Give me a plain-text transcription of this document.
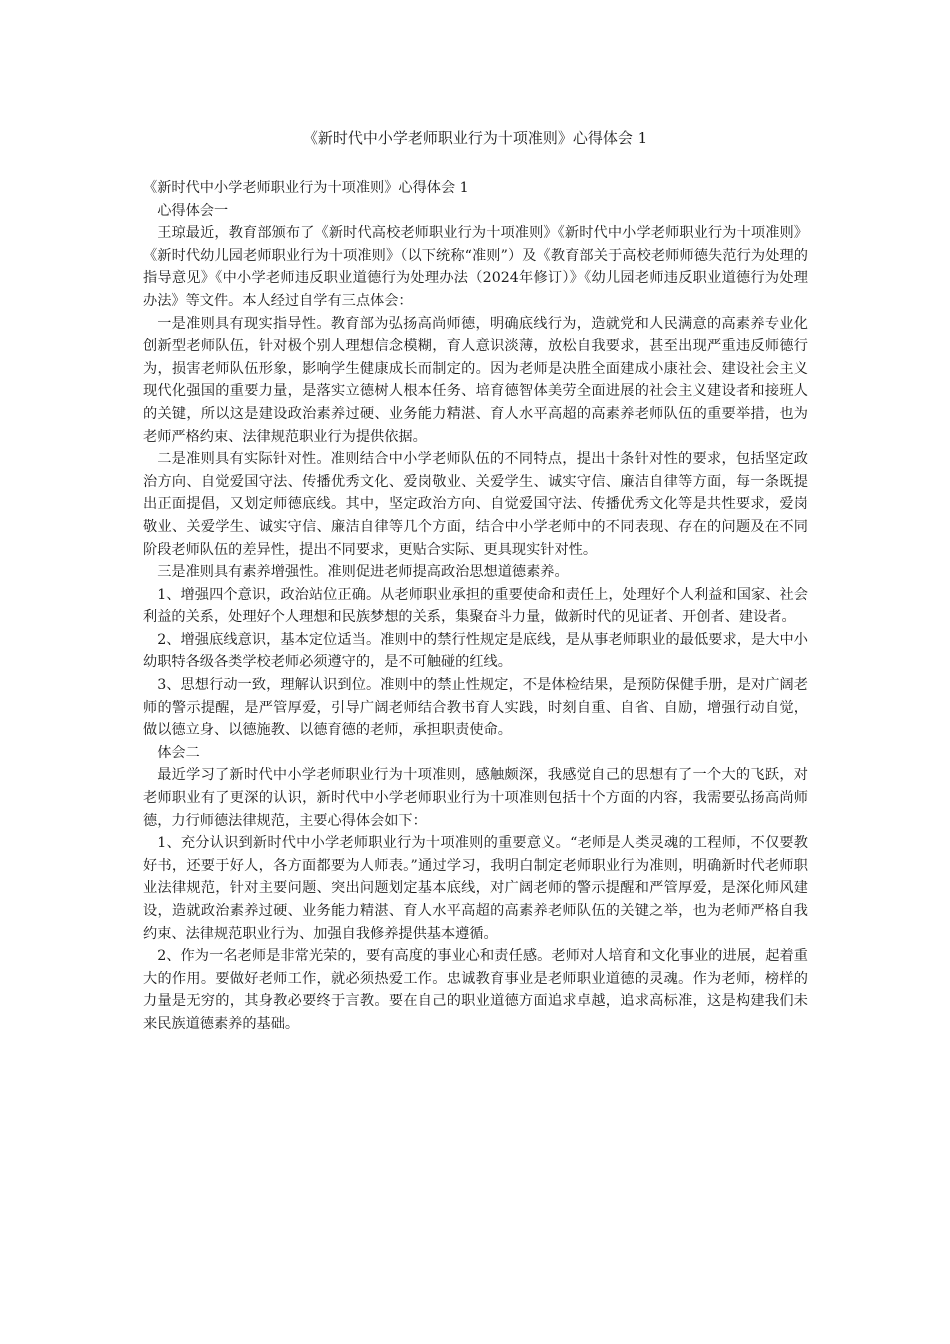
《新时代中小学老师职业行为十项准则》心得体会 1

《新时代中小学老师职业行为十项准则》心得体会 1

心得体会一

王琼最近，教育部颁布了《新时代高校老师职业行为十项准则》《新时代中小学老师职业行为十项准则》《新时代幼儿园老师职业行为十项准则》（以下统称“准则”）及《教育部关于高校老师师德失范行为处理的指导意见》《中小学老师违反职业道德行为处理办法（2024年修订）》《幼儿园老师违反职业道德行为处理办法》等文件。本人经过自学有三点体会：

一是准则具有现实指导性。教育部为弘扬高尚师德，明确底线行为，造就党和人民满意的高素养专业化创新型老师队伍，针对极个别人理想信念模糊，育人意识淡薄，放松自我要求，甚至出现严重违反师德行为，损害老师队伍形象，影响学生健康成长而制定的。因为老师是决胜全面建成小康社会、建设社会主义现代化强国的重要力量，是落实立德树人根本任务、培育德智体美劳全面进展的社会主义建设者和接班人的关键，所以这是建设政治素养过硬、业务能力精湛、育人水平高超的高素养老师队伍的重要举措，也为老师严格约束、法律规范职业行为提供依据。

二是准则具有实际针对性。准则结合中小学老师队伍的不同特点，提出十条针对性的要求，包括坚定政治方向、自觉爱国守法、传播优秀文化、爱岗敬业、关爱学生、诚实守信、廉洁自律等方面，每一条既提出正面提倡，又划定师德底线。其中，坚定政治方向、自觉爱国守法、传播优秀文化等是共性要求，爱岗敬业、关爱学生、诚实守信、廉洁自律等几个方面，结合中小学老师中的不同表现、存在的问题及在不同阶段老师队伍的差异性，提出不同要求，更贴合实际、更具现实针对性。

三是准则具有素养增强性。准则促进老师提高政治思想道德素养。

1、增强四个意识，政治站位正确。从老师职业承担的重要使命和责任上，处理好个人利益和国家、社会利益的关系，处理好个人理想和民族梦想的关系，集聚奋斗力量，做新时代的见证者、开创者、建设者。

2、增强底线意识，基本定位适当。准则中的禁行性规定是底线，是从事老师职业的最低要求，是大中小幼职特各级各类学校老师必须遵守的，是不可触碰的红线。

3、思想行动一致，理解认识到位。准则中的禁止性规定，不是体检结果，是预防保健手册，是对广阔老师的警示提醒，是严管厚爱，引导广阔老师结合教书育人实践，时刻自重、自省、自励，增强行动自觉，做以德立身、以德施教、以德育德的老师，承担职责使命。

体会二

最近学习了新时代中小学老师职业行为十项准则，感触颇深，我感觉自己的思想有了一个大的飞跃，对老师职业有了更深的认识，新时代中小学老师职业行为十项准则包括十个方面的内容，我需要弘扬高尚师德，力行师德法律规范，主要心得体会如下：

1、充分认识到新时代中小学老师职业行为十项准则的重要意义。“老师是人类灵魂的工程师，不仅要教好书，还要于好人，各方面都要为人师表。”通过学习，我明白制定老师职业行为准则，明确新时代老师职业法律规范，针对主要问题、突出问题划定基本底线，对广阔老师的警示提醒和严管厚爱，是深化师风建设，造就政治素养过硬、业务能力精湛、育人水平高超的高素养老师队伍的关键之举，也为老师严格自我约束、法律规范职业行为、加强自我修养提供基本遵循。

2、作为一名老师是非常光荣的，要有高度的事业心和责任感。老师对人培育和文化事业的进展，起着重大的作用。要做好老师工作，就必须热爱工作。忠诚教育事业是老师职业道德的灵魂。作为老师，榜样的力量是无穷的，其身教必要终于言教。要在自己的职业道德方面追求卓越，追求高标准，这是构建我们未来民族道德素养的基础。
